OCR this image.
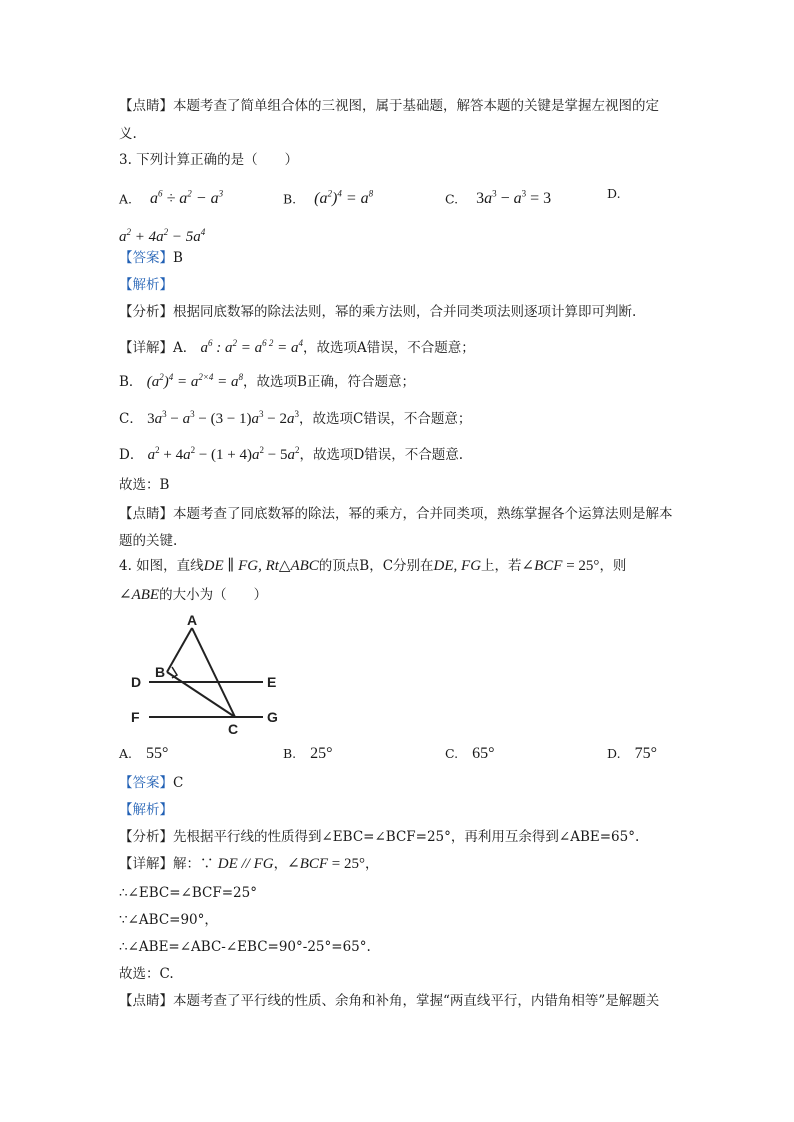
【点睛】本题考查了简单组合体的三视图，属于基础题，解答本题的关键是掌握左视图的定
义.
3. 下列计算正确的是（　　）
A. $a^6 \div a^2 - a^3$	B. $(a^2)^4 = a^8$	C. $3a^3 - a^3 = 3$	D.
$a^2 + 4a^2 - 5a^4$
【答案】B
【解析】
【分析】根据同底数幂的除法法则，幂的乘方法则，合并同类项法则逐项计算即可判断.
【详解】A． $a^6$ : $a^2 = a^{6 2} = a^4$，故选项A错误，不合题意；
B． $(a^2)^4 = a^{2\times 4} = a^8$，故选项B正确，符合题意；
C． $3a^3 - a^3 - (3 - 1)a^3 - 2a^3$，故选项C错误，不合题意；
D． $a^2 + 4a^2 - (1 + 4)a^2 - 5a^2$，故选项D错误，不合题意.
故选：B
【点睛】本题考查了同底数幂的除法，幂的乘方，合并同类项，熟练掌握各个运算法则是解本题的关键.
4. 如图，直线DE ∥ FG, Rt△ABC的顶点B，C分别在DE, FG上，若∠BCF = 25°，则
∠ABE的大小为（　　）
A
B
C
D	E
F	G
A. 55°	B. 25°	C. 65°	D. 75°
【答案】C
【解析】
【分析】先根据平行线的性质得到∠EBC=∠BCF=25°，再利用互余得到∠ABE=65°.
【详解】解：∵ DE // FG，∠BCF = 25°，
∴∠EBC=∠BCF=25°
∵∠ABC=90°，
∴∠ABE=∠ABC-∠EBC=90°-25°=65°.
故选：C.
【点睛】本题考查了平行线的性质、余角和补角，掌握“两直线平行，内错角相等”是解题关
